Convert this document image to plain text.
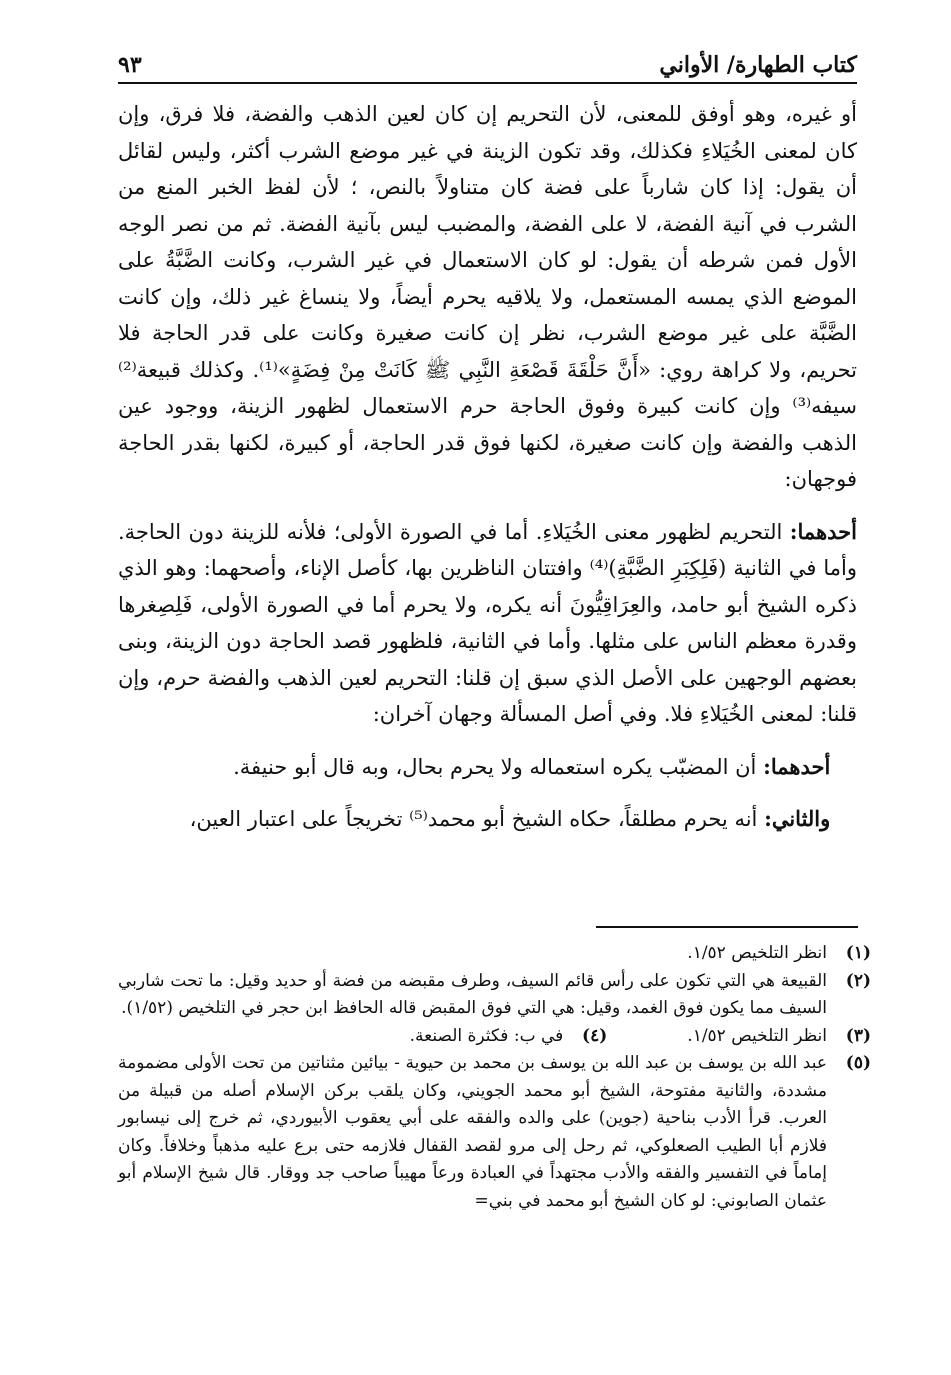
٩٣	كتاب الطهارة/ الأواني

أو غيره، وهو أوفق للمعنى، لأن التحريم إن كان لعين الذهب والفضة، فلا فرق، وإن كان لمعنى الخُيَلاءِ فكذلك، وقد تكون الزينة في غير موضع الشرب أكثر، وليس لقائل أن يقول: إذا كان شارباً على فضة كان متناولاً بالنص، ؛ لأن لفظ الخبر المنع من الشرب في آنية الفضة، لا على الفضة، والمضبب ليس بآنية الفضة. ثم من نصر الوجه الأول فمن شرطه أن يقول: لو كان الاستعمال في غير الشرب، وكانت الضَّبَّةُ على الموضع الذي يمسه المستعمل، ولا يلاقيه يحرم أيضاً، ولا ينساغ غير ذلك، وإن كانت الضَّبَّة على غير موضع الشرب، نظر إن كانت صغيرة وكانت على قدر الحاجة فلا تحريم، ولا كراهة روي: «أَنَّ حَلْقَةَ قَصْعَةِ النَّبِي ﷺ كَانَتْ مِنْ فِضَةٍ»⁽¹⁾. وكذلك قبيعة⁽²⁾ سيفه⁽³⁾ وإن كانت كبيرة وفوق الحاجة حرم الاستعمال لظهور الزينة، ووجود عين الذهب والفضة وإن كانت صغيرة، لكنها فوق قدر الحاجة، أو كبيرة، لكنها بقدر الحاجة فوجهان:

أحدهما: التحريم لظهور معنى الخُيَلاءِ. أما في الصورة الأولى؛ فلأنه للزينة دون الحاجة. وأما في الثانية (فَلِكِبَرِ الضَّبَّةِ)⁽⁴⁾ وافتتان الناظرين بها، كأصل الإناء، وأصحهما: وهو الذي ذكره الشيخ أبو حامد، والعِرَاقِيُّونَ أنه يكره، ولا يحرم أما في الصورة الأولى، فَلِصِغرها وقدرة معظم الناس على مثلها. وأما في الثانية، فلظهور قصد الحاجة دون الزينة، وبنى بعضهم الوجهين على الأصل الذي سبق إن قلنا: التحريم لعين الذهب والفضة حرم، وإن قلنا: لمعنى الخُيَلاءِ فلا. وفي أصل المسألة وجهان آخران:

أحدهما: أن المضبّب يكره استعماله ولا يحرم بحال، وبه قال أبو حنيفة.

والثاني: أنه يحرم مطلقاً، حكاه الشيخ أبو محمد⁽⁵⁾ تخريجاً على اعتبار العين،

(١)
انظر التلخيص ١/٥٢.
(٢)
القبيعة هي التي تكون على رأس قائم السيف، وطرف مقبضه من فضة أو حديد وقيل: ما تحت شاربي السيف مما يكون فوق الغمد، وقيل: هي التي فوق المقبض قاله الحافظ ابن حجر في التلخيص (١/٥٢).
(٣)
انظر التلخيص ١/٥٢.
(٤)
في ب: فكثرة الصنعة.
(٥)
عبد الله بن يوسف بن عبد الله بن يوسف بن محمد بن حيوية - بيائين مثناتين من تحت الأولى مضمومة مشددة، والثانية مفتوحة، الشيخ أبو محمد الجويني، وكان يلقب بركن الإسلام أصله من قبيلة من العرب. قرأ الأدب بناحية (جوين) على والده والفقه على أبي يعقوب الأبيوردي، ثم خرج إلى نيسابور فلازم أبا الطيب الصعلوكي، ثم رحل إلى مرو لقصد القفال فلازمه حتى برع عليه مذهباً وخلافاً. وكان إماماً في التفسير والفقه والأدب مجتهداً في العبادة ورعاً مهيباً صاحب جد ووقار. قال شيخ الإسلام أبو عثمان الصابوني: لو كان الشيخ أبو محمد في بني=
